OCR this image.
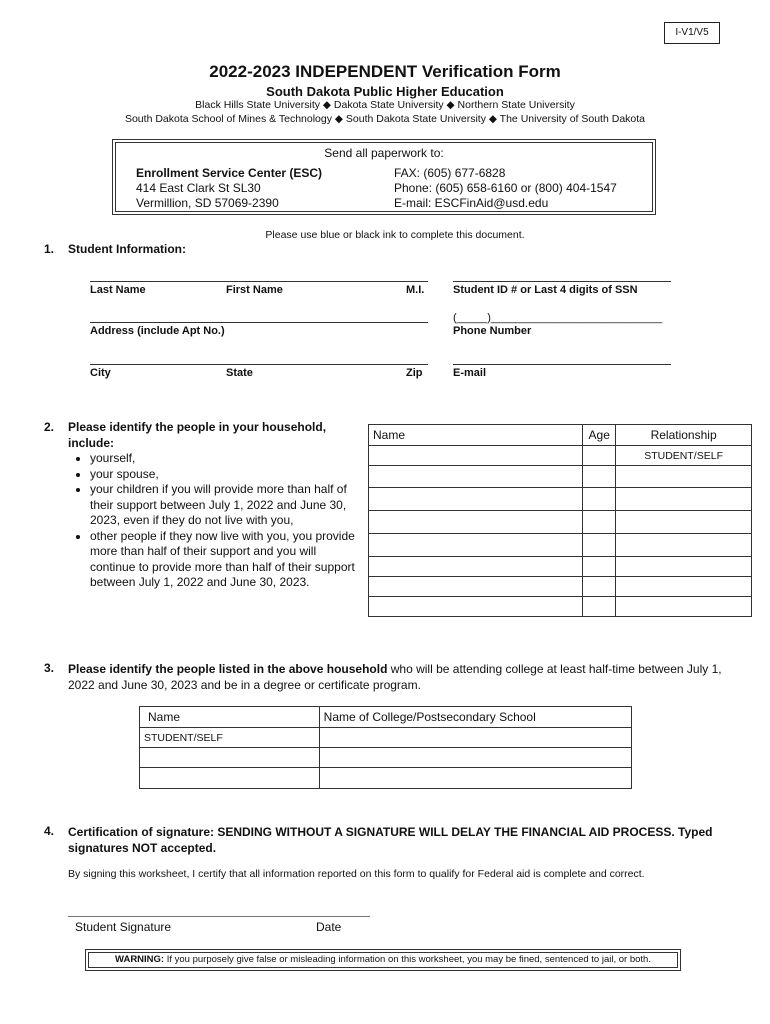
I-V1/V5
2022-2023 INDEPENDENT Verification Form
South Dakota Public Higher Education
Black Hills State University ◆ Dakota State University ◆ Northern State University
South Dakota School of Mines & Technology ◆ South Dakota State University ◆ The University of South Dakota
Send all paperwork to:
Enrollment Service Center (ESC)
414 East Clark St SL30
Vermillion, SD 57069-2390
FAX: (605) 677-6828
Phone: (605) 658-6160 or (800) 404-1547
E-mail: ESCFinAid@usd.edu
Please use blue or black ink to complete this document.
1. Student Information:
Last Name	First Name	M.I.	Student ID # or Last 4 digits of SSN
(_____)____________________________
Address (include Apt No.)	Phone Number
City	State	Zip	E-mail
2. Please identify the people in your household, include:
• yourself,
• your spouse,
• your children if you will provide more than half of their support between July 1, 2022 and June 30, 2023, even if they do not live with you,
• other people if they now live with you, you provide more than half of their support and you will continue to provide more than half of their support between July 1, 2022 and June 30, 2023.
Name	Age	Relationship
		STUDENT/SELF

3. Please identify the people listed in the above household who will be attending college at least half-time between July 1, 2022 and June 30, 2023 and be in a degree or certificate program.
Name	Name of College/Postsecondary School
STUDENT/SELF	

4. Certification of signature: SENDING WITHOUT A SIGNATURE WILL DELAY THE FINANCIAL AID PROCESS. Typed signatures NOT accepted.
By signing this worksheet, I certify that all information reported on this form to qualify for Federal aid is complete and correct.
Student Signature	Date
WARNING: If you purposely give false or misleading information on this worksheet, you may be fined, sentenced to jail, or both.
